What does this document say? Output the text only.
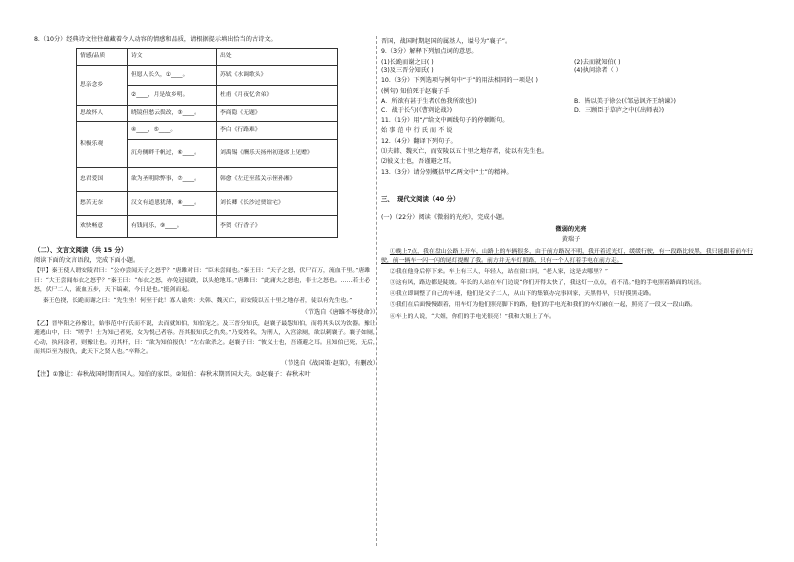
8.（10分）经典诗文往往蕴藏着令人动容的情感和品质，请根据提示填出恰当的古诗文。
情感/品质	诗文	出处
思亲念乡	但愿人长久，①____。	苏轼《水调歌头》
	②____，月是故乡明。	杜甫《月夜忆舍弟》
思故怀人	晓镜但愁云鬓改，③____。	李商隐《无题》
积极乐观	④____，⑤____。	李白《行路难》
	沉舟侧畔千帆过，⑥____。	刘禹锡《酬乐天扬州初逢席上见赠》
忠君爱国	欲为圣明除弊事，⑦____。	韩愈《左迁至蓝关示侄孙湘》
愁苦无奈	汉文有道恩犹薄，⑧____。	刘长卿《长沙过贾谊宅》
欢快畅意	有钱同乐，⑨____。	李贺《行香子》
（二）、文言文阅读（共 15 分）
阅读下面的文言语段，完成下面小题。
【甲】秦王使人谓安陵君曰：“公亦尝闻天子之怒乎？”唐雎对曰：“臣未尝闻也。”秦王曰：“天子之怒，伏尸百万，流血千里。”唐雎曰：“大王尝闻布衣之怒乎？”秦王曰：“布衣之怒，亦免冠徒跣，以头抢地耳。”唐雎曰：“此庸夫之怒也，非士之怒也。……若士必怒，伏尸二人，流血五步，天下缟素，今日是也。”挺剑而起。
秦王色挠，长跪而谢之曰：“先生坐！何至于此！寡人谕矣：夫韩、魏灭亡，而安陵以五十里之地存者，徒以有先生也。”
（节选自《唐雎不辱使命》）
【乙】晋毕阳之孙豫让，始事范中行氏而不说，去而就知伯，知伯宠之。及三晋分知氏，赵襄子最怨知伯，而将其头以为饮器。豫让遁逃山中，曰：“嗟乎！士为知己者死，女为悦己者容。吾其报知氏之仇矣。”乃变姓名，为刑人，入宫涂厕，欲以刺襄子。襄子如厕，心动，执问涂者，则豫让也。刃其杆，曰：“欲为知伯报仇！”左右欲杀之。赵襄子曰：“彼义士也，吾谨避之耳。且知伯已死，无后，而其臣至为报仇，此天下之贤人也。”卒释之。
（节选自《战国策·赵策》，有删改）
【注】①豫让：春秋战国时期晋国人。知伯的家臣。②知伯：春秋末期晋国大夫。③赵襄子：春秋末叶
晋国，战国时期赵国的属基人，谥号为“襄子”。
9.（3分）解释下列加点词的意思。
(1)长跪而谢之曰( )	(2)去而就知伯( )
(3)及三晋分知氏( )	(4)执问涂者（ ）
10.（3分）下列选项与例句中“于”的用法相同的一项是( )
(例句) 知伯死于赵襄子手
A．所欲有甚于生者(《鱼我所欲也》)	B．皆以美于徐公(《邹忌讽齐王纳谏》)
C．战于长勺(《曹刿论战》)	D．三顾臣于草庐之中(《出师表》)
11.（1分）用“/”给文中画线句子的停顿断句。
始 事 范 中 行 氏 而 不 说
12.（4分）翻译下列句子。
⑴夫韩、魏灭亡，而安陵以五十里之地存者，徒以有先生也。
⑵彼义士也，吾谨避之耳。
13.（3分）请分别概括甲乙两文中“士”的精神。
三、　现代文阅读（40 分）
(一)（22分）阅读《微弱的光亮》，完成小题。
微弱的光亮
黄瑞子
①晚上7点，我在盘山公路上开车，山路上的车辆很多，由于前方路况不明，我开着近光灯，缓缓行驶，有一段路比较黑，我只能跟着前车行驶，前一辆车一闪一闪的尾灯提醒了我。前方并无车灯照路，只有一个人打着手电在前方走。
②我在他身后停下来。车上有三人，年轻人，站在窗口问，“老人家，这是去哪里？”
③这有风，路边都是陡坡。年长的人站在车门边说“你们开得太快了，我这灯一点点，看不清。”他的手电照着路面的坑洼。
④我立即调整了自己的车速，他们是父子二人，从山下的集镇办完事回家，天黑得早，只好摸黑走路。
⑤我们在后面慢慢跟着，用车灯为他们照亮脚下的路，他们的手电光和我们的车灯融在一起，照亮了一段又一段山路。
⑥车上的人说，“大姐，你们的手电光很亮！”我和大姐上了车。
